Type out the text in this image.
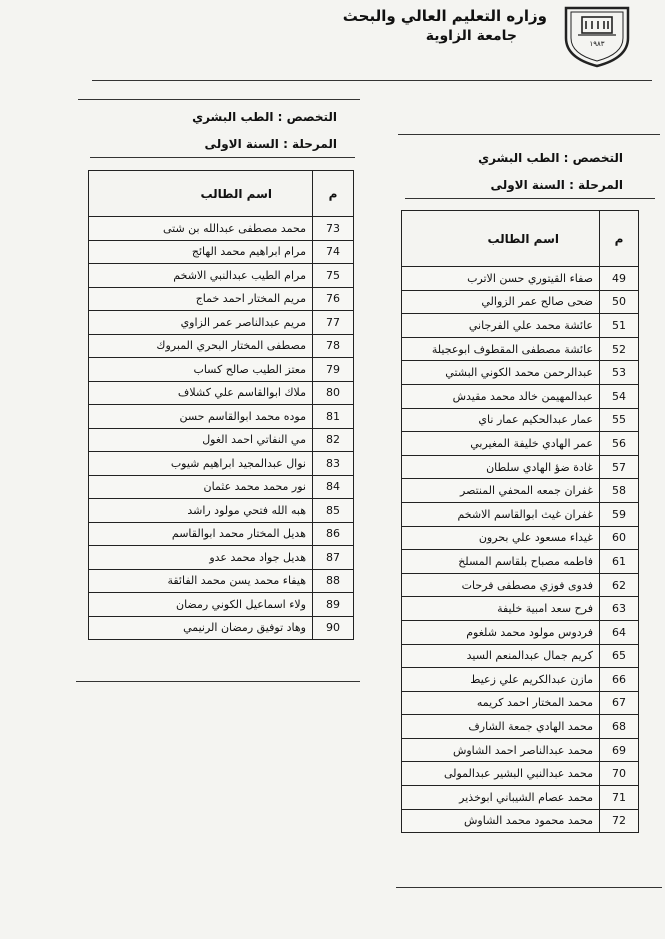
١٩٨٣
وزاره التعليم العالي والبحث
جامعة الزاوية
التخصص : الطب البشري
المرحلة : السنة الاولى
م	اسم الطالب
73	محمد مصطفى عبدالله بن شتى
74	مرام ابراهيم محمد الهائج
75	مرام الطيب عبدالنبي الاشخم
76	مريم المختار احمد خماج
77	مريم عبدالناصر عمر الزاوي
78	مصطفى المختار البحري المبروك
79	معتز الطيب صالح كساب
80	ملاك ابوالقاسم علي كشلاف
81	موده محمد ابوالقاسم حسن
82	مي النفاتي احمد الغول
83	نوال عبدالمجيد ابراهيم شيوب
84	نور محمد محمد عثمان
85	هبه الله فتحي مولود راشد
86	هديل المختار محمد ابوالقاسم
87	هديل جواد محمد عدو
88	هيفاء محمد يسن محمد الفائقة
89	ولاء اسماعيل الكوني رمضان
90	وهاد توفيق رمضان الرنيمي
التخصص : الطب البشري
المرحلة : السنة الاولى
م	اسم الطالب
49	صفاء القيتوري حسن الاترب
50	ضحى صالح عمر الزوالي
51	عائشة محمد علي الفرجاني
52	عائشة مصطفى المقطوف ابوعجيلة
53	عبدالرحمن محمد الكوني البشتي
54	عبدالمهيمن خالد محمد مقيدش
55	عمار عبدالحكيم عمار ناي
56	عمر الهادي خليفة المغيربي
57	غادة ضؤ الهادي سلطان
58	غفران جمعه المحفي المنتصر
59	غفران غيث ابوالقاسم الاشخم
60	غيداء مسعود علي بحرون
61	فاطمه مصباح بلقاسم المسلخ
62	فدوى فوزي مصطفى فرحات
63	فرح سعد امبية خليفة
64	فردوس مولود محمد شلغوم
65	كريم جمال عبدالمنعم السيد
66	مازن عبدالكريم علي زعيط
67	محمد المختار احمد كريمه
68	محمد الهادي جمعة الشارف
69	محمد عبدالناصر احمد الشاوش
70	محمد عبدالنبي البشير عبدالمولى
71	محمد عصام الشيباني ابوخذير
72	محمد محمود محمد الشاوش
